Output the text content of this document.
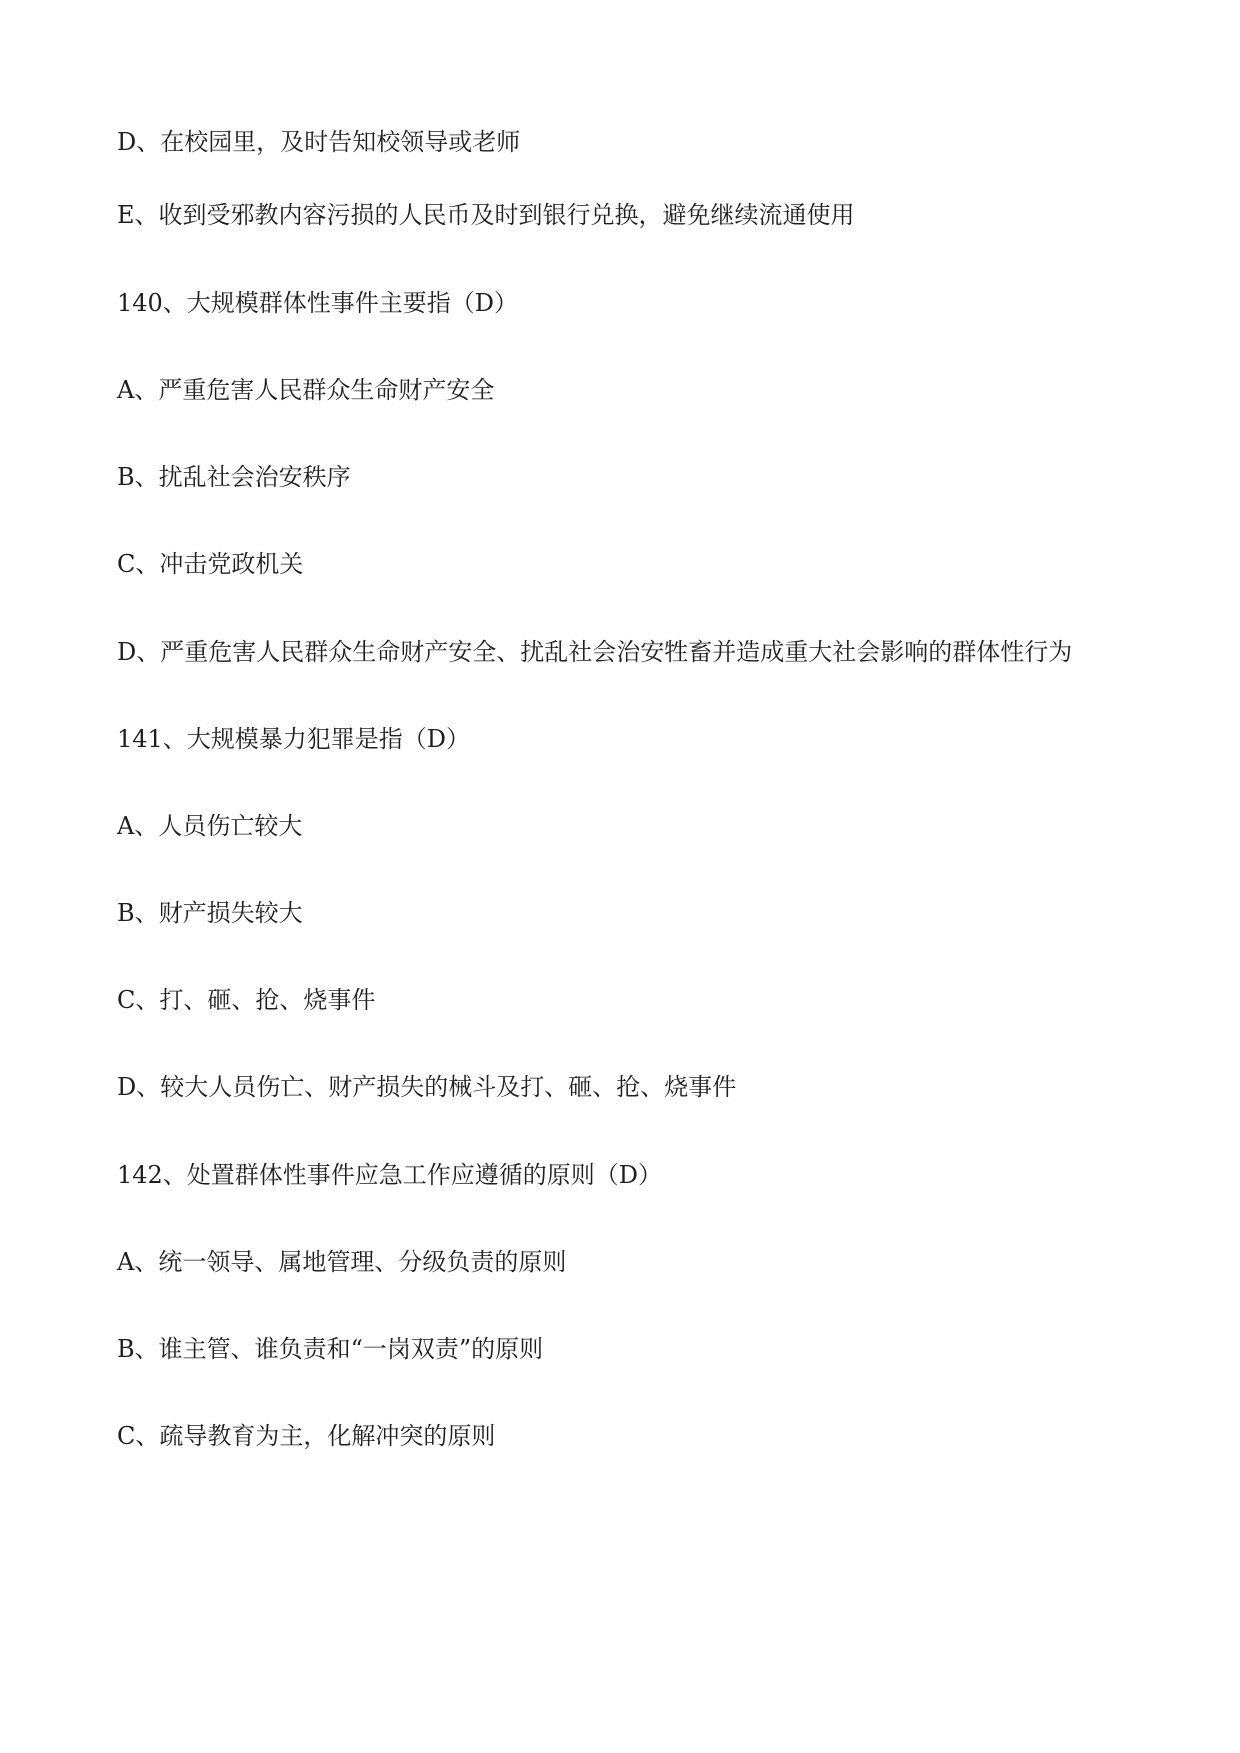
D、在校园里，及时告知校领导或老师

E、收到受邪教内容污损的人民币及时到银行兑换，避免继续流通使用

140、大规模群体性事件主要指（D）

A、严重危害人民群众生命财产安全

B、扰乱社会治安秩序

C、冲击党政机关

D、严重危害人民群众生命财产安全、扰乱社会治安牲畜并造成重大社会影响的群体性行为

141、大规模暴力犯罪是指（D）

A、人员伤亡较大

B、财产损失较大

C、打、砸、抢、烧事件

D、较大人员伤亡、财产损失的械斗及打、砸、抢、烧事件

142、处置群体性事件应急工作应遵循的原则（D）

A、统一领导、属地管理、分级负责的原则

B、谁主管、谁负责和“一岗双责”的原则

C、疏导教育为主，化解冲突的原则
